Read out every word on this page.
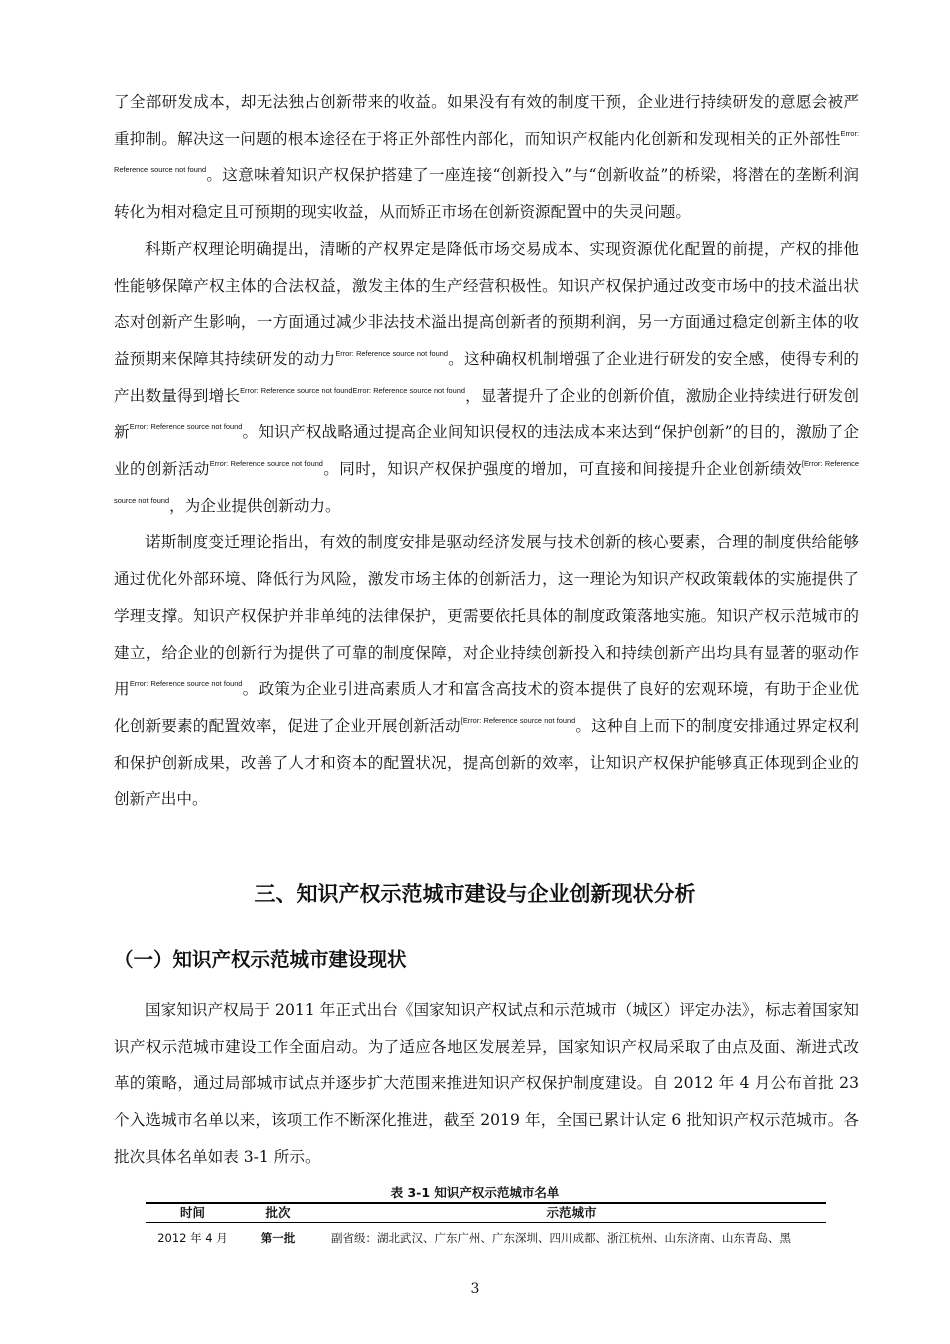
了全部研发成本，却无法独占创新带来的收益。如果没有有效的制度干预，企业进行持续研发的意愿会被严重抑制。解决这一问题的根本途径在于将正外部性内部化，而知识产权能内化创新和发现相关的正外部性$^{Error: Reference source not found}$。这意味着知识产权保护搭建了一座连接“创新投入”与“创新收益”的桥梁，将潜在的垄断利润转化为相对稳定且可预期的现实收益，从而矫正市场在创新资源配置中的失灵问题。

科斯产权理论明确提出，清晰的产权界定是降低市场交易成本、实现资源优化配置的前提，产权的排他性能够保障产权主体的合法权益，激发主体的生产经营积极性。知识产权保护通过改变市场中的技术溢出状态对创新产生影响，一方面通过减少非法技术溢出提高创新者的预期利润，另一方面通过稳定创新主体的收益预期来保障其持续研发的动力$^{Error: Reference source not found}$。这种确权机制增强了企业进行研发的安全感，使得专利的产出数量得到增长$^{Error: Reference source not foundError: Reference source not found}$，显著提升了企业的创新价值，激励企业持续进行研发创新$^{Error: Reference source not found}$。知识产权战略通过提高企业间知识侵权的违法成本来达到“保护创新”的目的，激励了企业的创新活动$^{Error: Reference source not found}$。同时，知识产权保护强度的增加，可直接和间接提升企业创新绩效$^{[Error: Reference source not found}$，为企业提供创新动力。

诺斯制度变迁理论指出，有效的制度安排是驱动经济发展与技术创新的核心要素，合理的制度供给能够通过优化外部环境、降低行为风险，激发市场主体的创新活力，这一理论为知识产权政策载体的实施提供了学理支撑。知识产权保护并非单纯的法律保护，更需要依托具体的制度政策落地实施。知识产权示范城市的建立，给企业的创新行为提供了可靠的制度保障，对企业持续创新投入和持续创新产出均具有显著的驱动作用$^{Error: Reference source not found}$。政策为企业引进高素质人才和富含高技术的资本提供了良好的宏观环境，有助于企业优化创新要素的配置效率，促进了企业开展创新活动$^{[Error: Reference source not found}$。这种自上而下的制度安排通过界定权利和保护创新成果，改善了人才和资本的配置状况，提高创新的效率，让知识产权保护能够真正体现到企业的创新产出中。

三、知识产权示范城市建设与企业创新现状分析
（一）知识产权示范城市建设现状

国家知识产权局于 2011 年正式出台《国家知识产权试点和示范城市（城区）评定办法》，标志着国家知识产权示范城市建设工作全面启动。为了适应各地区发展差异，国家知识产权局采取了由点及面、渐进式改革的策略，通过局部城市试点并逐步扩大范围来推进知识产权保护制度建设。自 2012 年 4 月公布首批 23 个入选城市名单以来，该项工作不断深化推进，截至 2019 年，全国已累计认定 6 批知识产权示范城市。各批次具体名单如表 3-1 所示。

表 3-1 知识产权示范城市名单
时间	批次	示范城市
2012 年 4 月	第一批	副省级：湖北武汉、广东广州、广东深圳、四川成都、浙江杭州、山东济南、山东青岛、黑
3
